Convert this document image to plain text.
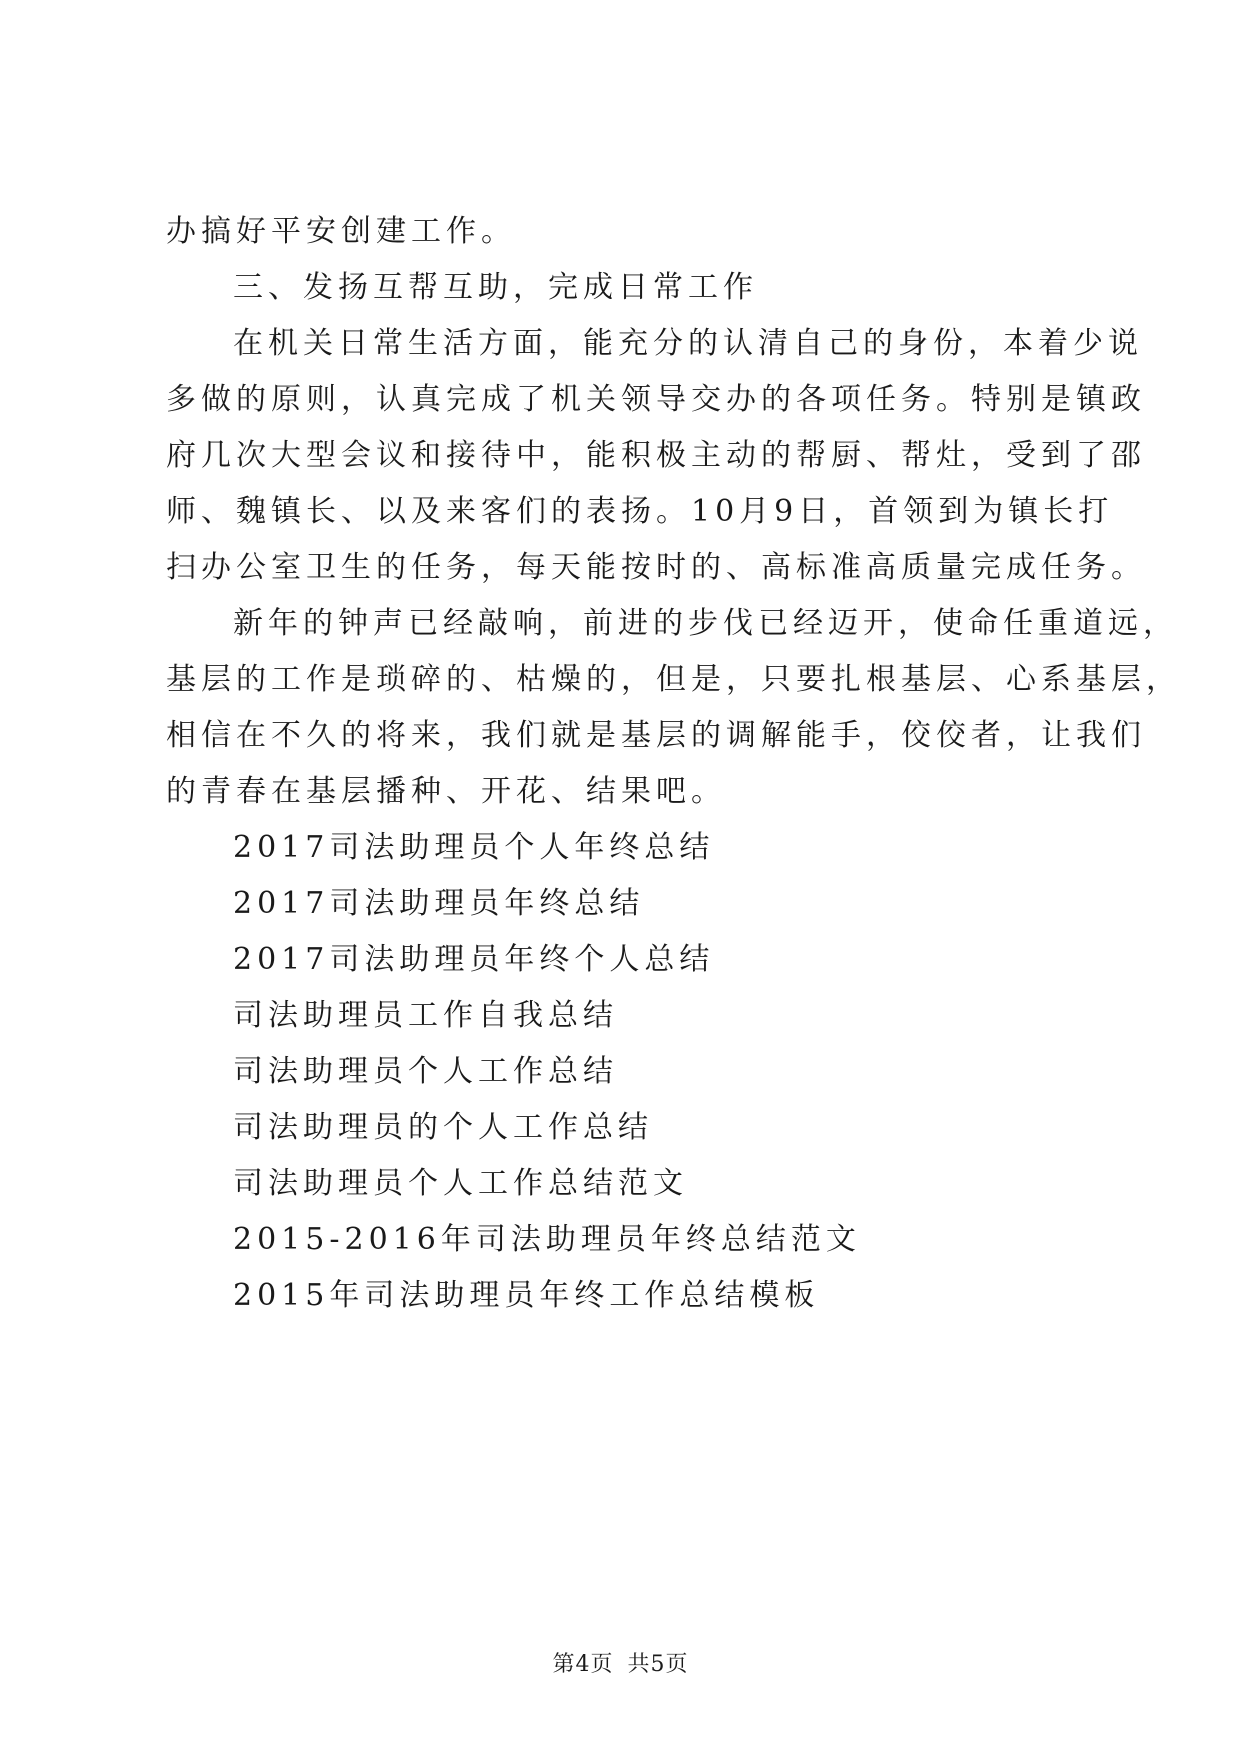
办搞好平安创建工作。
三、发扬互帮互助，完成日常工作
在机关日常生活方面，能充分的认清自己的身份，本着少说
多做的原则，认真完成了机关领导交办的各项任务。特别是镇政
府几次大型会议和接待中，能积极主动的帮厨、帮灶，受到了邵
师、魏镇长、以及来客们的表扬。10月9日，首领到为镇长打
扫办公室卫生的任务，每天能按时的、高标准高质量完成任务。
新年的钟声已经敲响，前进的步伐已经迈开，使命任重道远，
基层的工作是琐碎的、枯燥的，但是，只要扎根基层、心系基层，
相信在不久的将来，我们就是基层的调解能手，佼佼者，让我们
的青春在基层播种、开花、结果吧。
2017司法助理员个人年终总结
2017司法助理员年终总结
2017司法助理员年终个人总结
司法助理员工作自我总结
司法助理员个人工作总结
司法助理员的个人工作总结
司法助理员个人工作总结范文
2015-2016年司法助理员年终总结范文
2015年司法助理员年终工作总结模板
第4页 共5页
